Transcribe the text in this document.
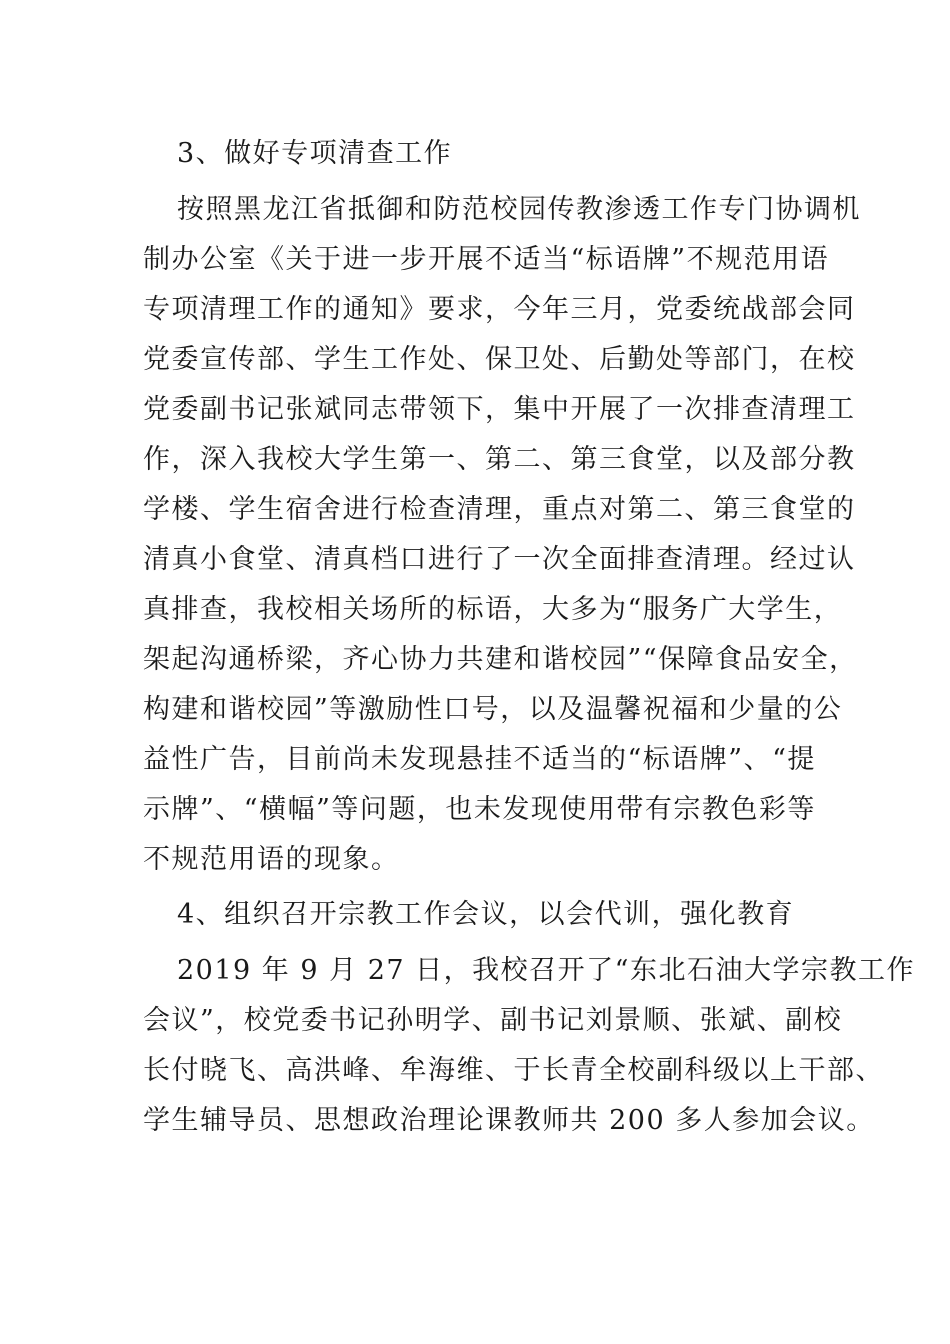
3、做好专项清查工作
按照黑龙江省抵御和防范校园传教渗透工作专门协调机
制办公室《关于进一步开展不适当“标语牌”不规范用语
专项清理工作的通知》要求，今年三月，党委统战部会同
党委宣传部、学生工作处、保卫处、后勤处等部门，在校
党委副书记张斌同志带领下，集中开展了一次排查清理工
作，深入我校大学生第一、第二、第三食堂，以及部分教
学楼、学生宿舍进行检查清理，重点对第二、第三食堂的
清真小食堂、清真档口进行了一次全面排查清理。经过认
真排查，我校相关场所的标语，大多为“服务广大学生，
架起沟通桥梁，齐心协力共建和谐校园”“保障食品安全，
构建和谐校园”等激励性口号，以及温馨祝福和少量的公
益性广告，目前尚未发现悬挂不适当的“标语牌”、“提
示牌”、“横幅”等问题，也未发现使用带有宗教色彩等
不规范用语的现象。
4、组织召开宗教工作会议，以会代训，强化教育
2019 年 9 月 27 日，我校召开了“东北石油大学宗教工作
会议”，校党委书记孙明学、副书记刘景顺、张斌、副校
长付晓飞、高洪峰、牟海维、于长青全校副科级以上干部、
学生辅导员、思想政治理论课教师共 200 多人参加会议。
